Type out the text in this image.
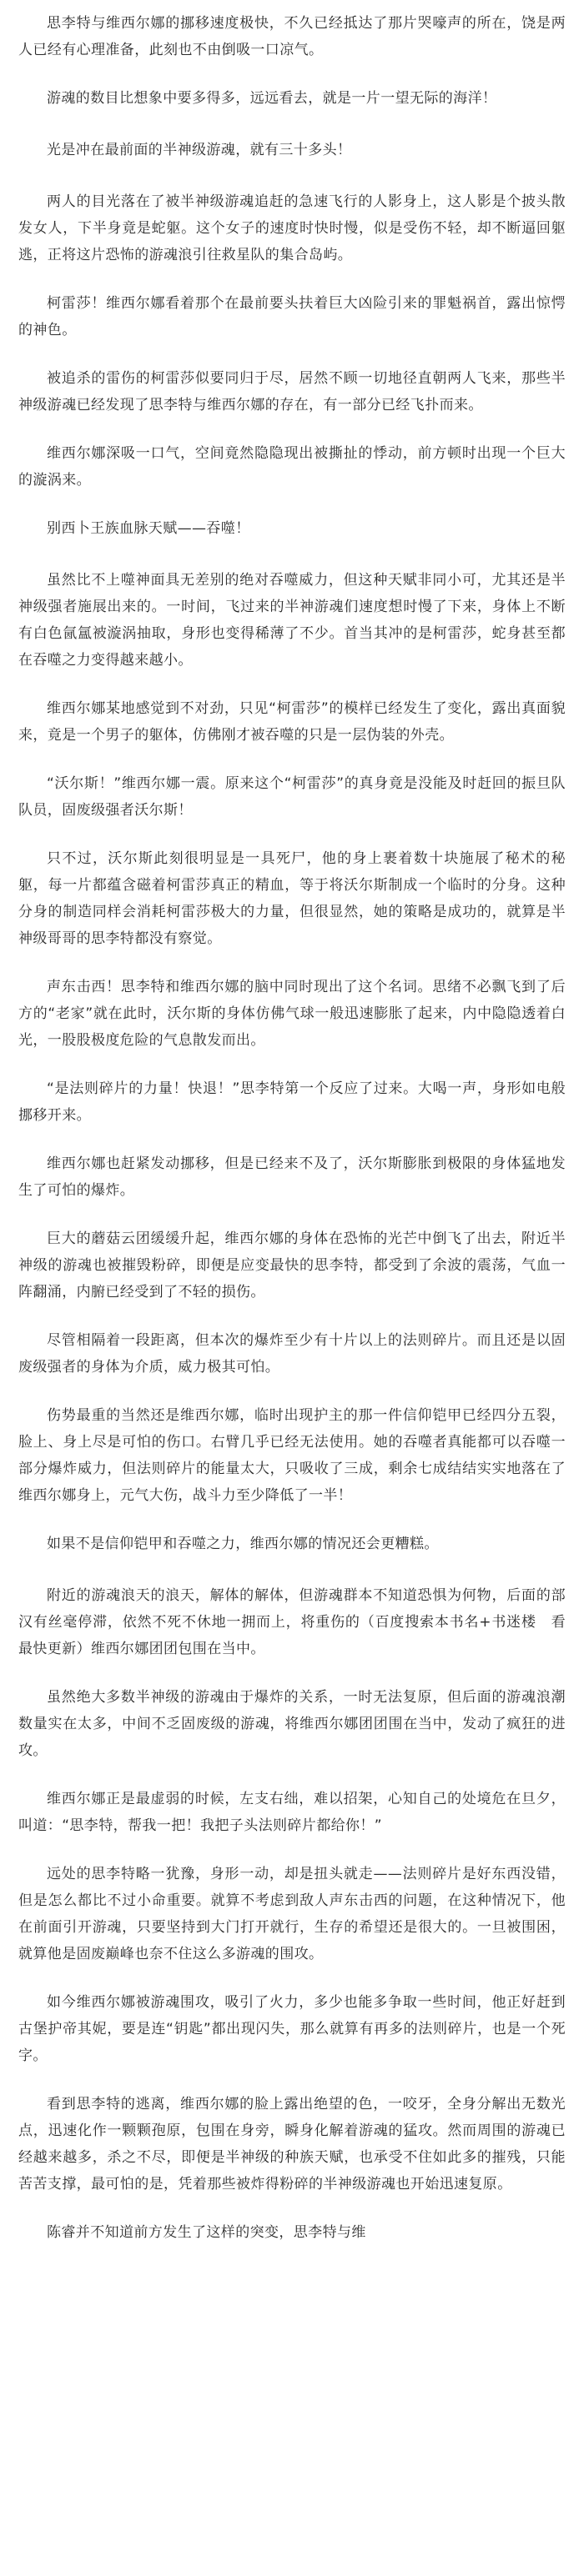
思李特与维西尔娜的挪移速度极快，不久已经抵达了那片哭嚎声的所在，饶是两人已经有心理准备，此刻也不由倒吸一口凉气。

游魂的数目比想象中要多得多，远远看去，就是一片一望无际的海洋！

光是冲在最前面的半神级游魂，就有三十多头！

两人的目光落在了被半神级游魂追赶的急速飞行的人影身上，这人影是个披头散发女人，下半身竟是蛇躯。这个女子的速度时快时慢，似是受伤不轻，却不断逼回躯逃，正将这片恐怖的游魂浪引往救星队的集合岛屿。

柯雷莎！维西尔娜看着那个在最前要头扶着巨大凶险引来的罪魁祸首，露出惊愕的神色。

被追杀的雷伤的柯雷莎似要同归于尽，居然不顾一切地径直朝两人飞来，那些半神级游魂已经发现了思李特与维西尔娜的存在，有一部分已经飞扑而来。

维西尔娜深吸一口气，空间竟然隐隐现出被撕扯的悸动，前方顿时出现一个巨大的漩涡来。

别西卜王族血脉天赋——吞噬！

虽然比不上噬神面具无差别的绝对吞噬威力，但这种天赋非同小可，尤其还是半神级强者施展出来的。一时间，飞过来的半神游魂们速度想时慢了下来，身体上不断有白色氤氲被漩涡抽取，身形也变得稀薄了不少。首当其冲的是柯雷莎，蛇身甚至都在吞噬之力变得越来越小。

维西尔娜某地感觉到不对劲，只见“柯雷莎”的模样已经发生了变化，露出真面貌来，竟是一个男子的躯体，仿佛刚才被吞噬的只是一层伪装的外壳。

“沃尔斯！”维西尔娜一震。原来这个“柯雷莎”的真身竟是没能及时赶回的振旦队队员，固废级强者沃尔斯！

只不过，沃尔斯此刻很明显是一具死尸，他的身上裹着数十块施展了秘术的秘躯，每一片都蕴含磁着柯雷莎真正的精血，等于将沃尔斯制成一个临时的分身。这种分身的制造同样会消耗柯雷莎极大的力量，但很显然，她的策略是成功的，就算是半神级哥哥的思李特都没有察觉。

声东击西！思李特和维西尔娜的脑中同时现出了这个名词。思绪不必飘飞到了后方的“老家”就在此时，沃尔斯的身体仿佛气球一般迅速膨胀了起来，内中隐隐透着白光，一股股极度危险的气息散发而出。

“是法则碎片的力量！快退！”思李特第一个反应了过来。大喝一声，身形如电般挪移开来。

维西尔娜也赶紧发动挪移，但是已经来不及了，沃尔斯膨胀到极限的身体猛地发生了可怕的爆炸。

巨大的蘑菇云团缓缓升起，维西尔娜的身体在恐怖的光芒中倒飞了出去，附近半神级的游魂也被摧毁粉碎，即便是应变最快的思李特，都受到了余波的震荡，气血一阵翻涌，内腑已经受到了不轻的损伤。

尽管相隔着一段距离，但本次的爆炸至少有十片以上的法则碎片。而且还是以固废级强者的身体为介质，威力极其可怕。

伤势最重的当然还是维西尔娜，临时出现护主的那一件信仰铠甲已经四分五裂，脸上、身上尽是可怕的伤口。右臂几乎已经无法使用。她的吞噬者真能都可以吞噬一部分爆炸威力，但法则碎片的能量太大，只吸收了三成，剩余七成结结实实地落在了维西尔娜身上，元气大伤，战斗力至少降低了一半！

如果不是信仰铠甲和吞噬之力，维西尔娜的情况还会更糟糕。

附近的游魂浪天的浪天，解体的解体，但游魂群本不知道恐惧为何物，后面的部汉有丝毫停滞，依然不死不休地一拥而上，将重伤的（百度搜索本书名+书迷楼　看最快更新）维西尔娜团团包围在当中。

虽然绝大多数半神级的游魂由于爆炸的关系，一时无法复原，但后面的游魂浪潮数量实在太多，中间不乏固废级的游魂，将维西尔娜团团围在当中，发动了疯狂的进攻。

维西尔娜正是最虚弱的时候，左支右绌，难以招架，心知自己的处境危在旦夕，叫道：“思李特，帮我一把！我把子头法则碎片都给你！”

远处的思李特略一犹豫，身形一动，却是扭头就走——法则碎片是好东西没错，但是怎么都比不过小命重要。就算不考虑到敌人声东击西的问题，在这种情况下，他在前面引开游魂，只要坚持到大门打开就行，生存的希望还是很大的。一旦被围困，就算他是固废巅峰也奈不住这么多游魂的围攻。

如今维西尔娜被游魂围攻，吸引了火力，多少也能多争取一些时间，他正好赶到古堡护帝其妮，要是连“钥匙”都出现闪失，那么就算有再多的法则碎片，也是一个死字。

看到思李特的逃离，维西尔娜的脸上露出绝望的色，一咬牙，全身分解出无数光点，迅速化作一颗颗孢原，包围在身旁，瞬身化解着游魂的猛攻。然而周围的游魂已经越来越多，杀之不尽，即便是半神级的种族天赋，也承受不住如此多的摧残，只能苦苦支撑，最可怕的是，凭着那些被炸得粉碎的半神级游魂也开始迅速复原。

陈睿并不知道前方发生了这样的突变，思李特与维
